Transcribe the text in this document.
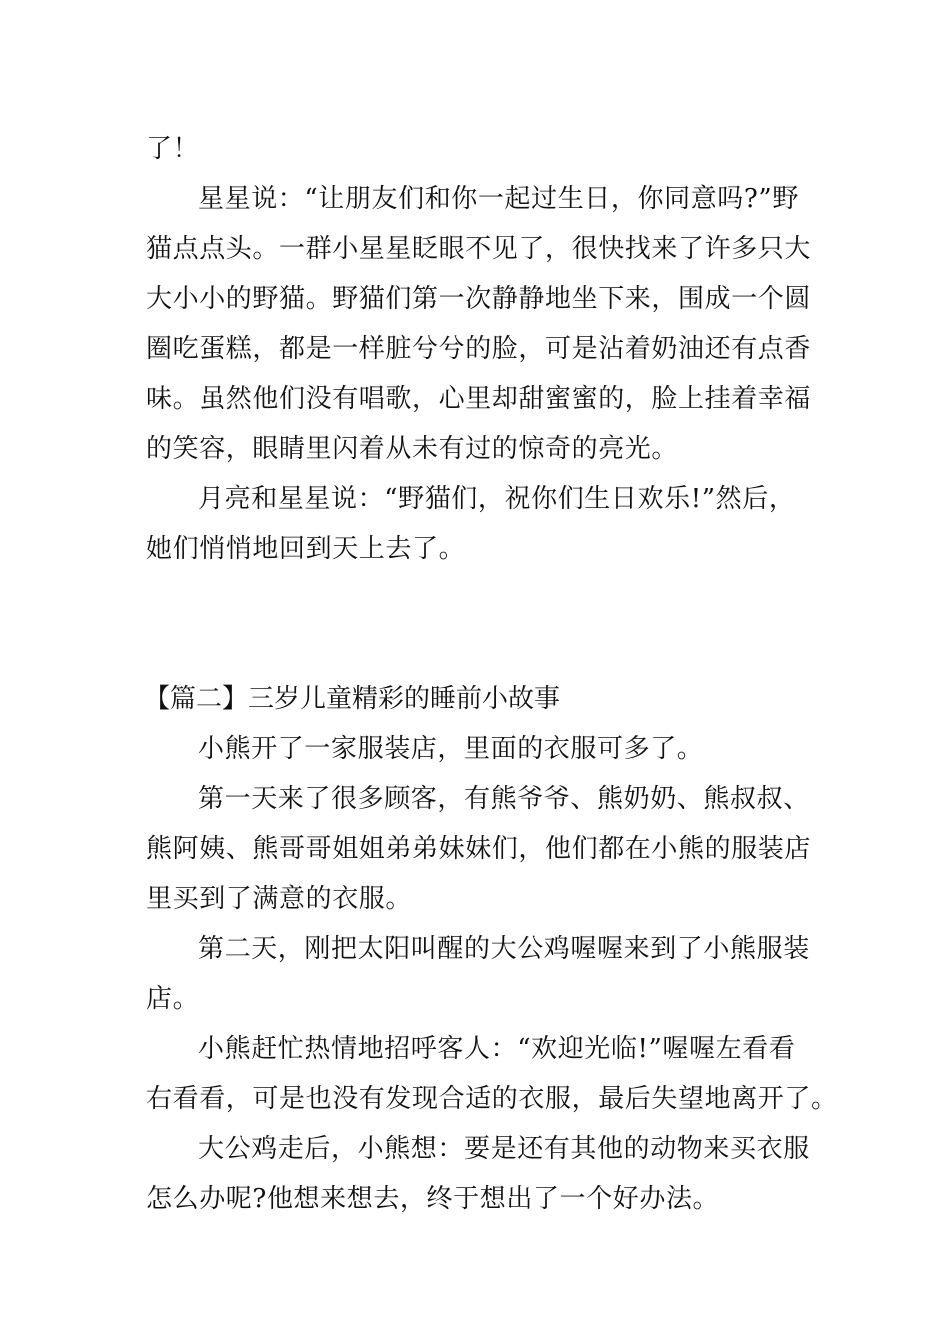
了！
星星说：“让朋友们和你一起过生日，你同意吗?”野
猫点点头。一群小星星眨眼不见了，很快找来了许多只大
大小小的野猫。野猫们第一次静静地坐下来，围成一个圆
圈吃蛋糕，都是一样脏兮兮的脸，可是沾着奶油还有点香
味。虽然他们没有唱歌，心里却甜蜜蜜的，脸上挂着幸福
的笑容，眼睛里闪着从未有过的惊奇的亮光。
月亮和星星说：“野猫们，祝你们生日欢乐!”然后，
她们悄悄地回到天上去了。
【篇二】三岁儿童精彩的睡前小故事
小熊开了一家服装店，里面的衣服可多了。
第一天来了很多顾客，有熊爷爷、熊奶奶、熊叔叔、
熊阿姨、熊哥哥姐姐弟弟妹妹们，他们都在小熊的服装店
里买到了满意的衣服。
第二天，刚把太阳叫醒的大公鸡喔喔来到了小熊服装
店。
小熊赶忙热情地招呼客人：“欢迎光临!”喔喔左看看
右看看，可是也没有发现合适的衣服，最后失望地离开了。
大公鸡走后，小熊想：要是还有其他的动物来买衣服
怎么办呢?他想来想去，终于想出了一个好办法。
